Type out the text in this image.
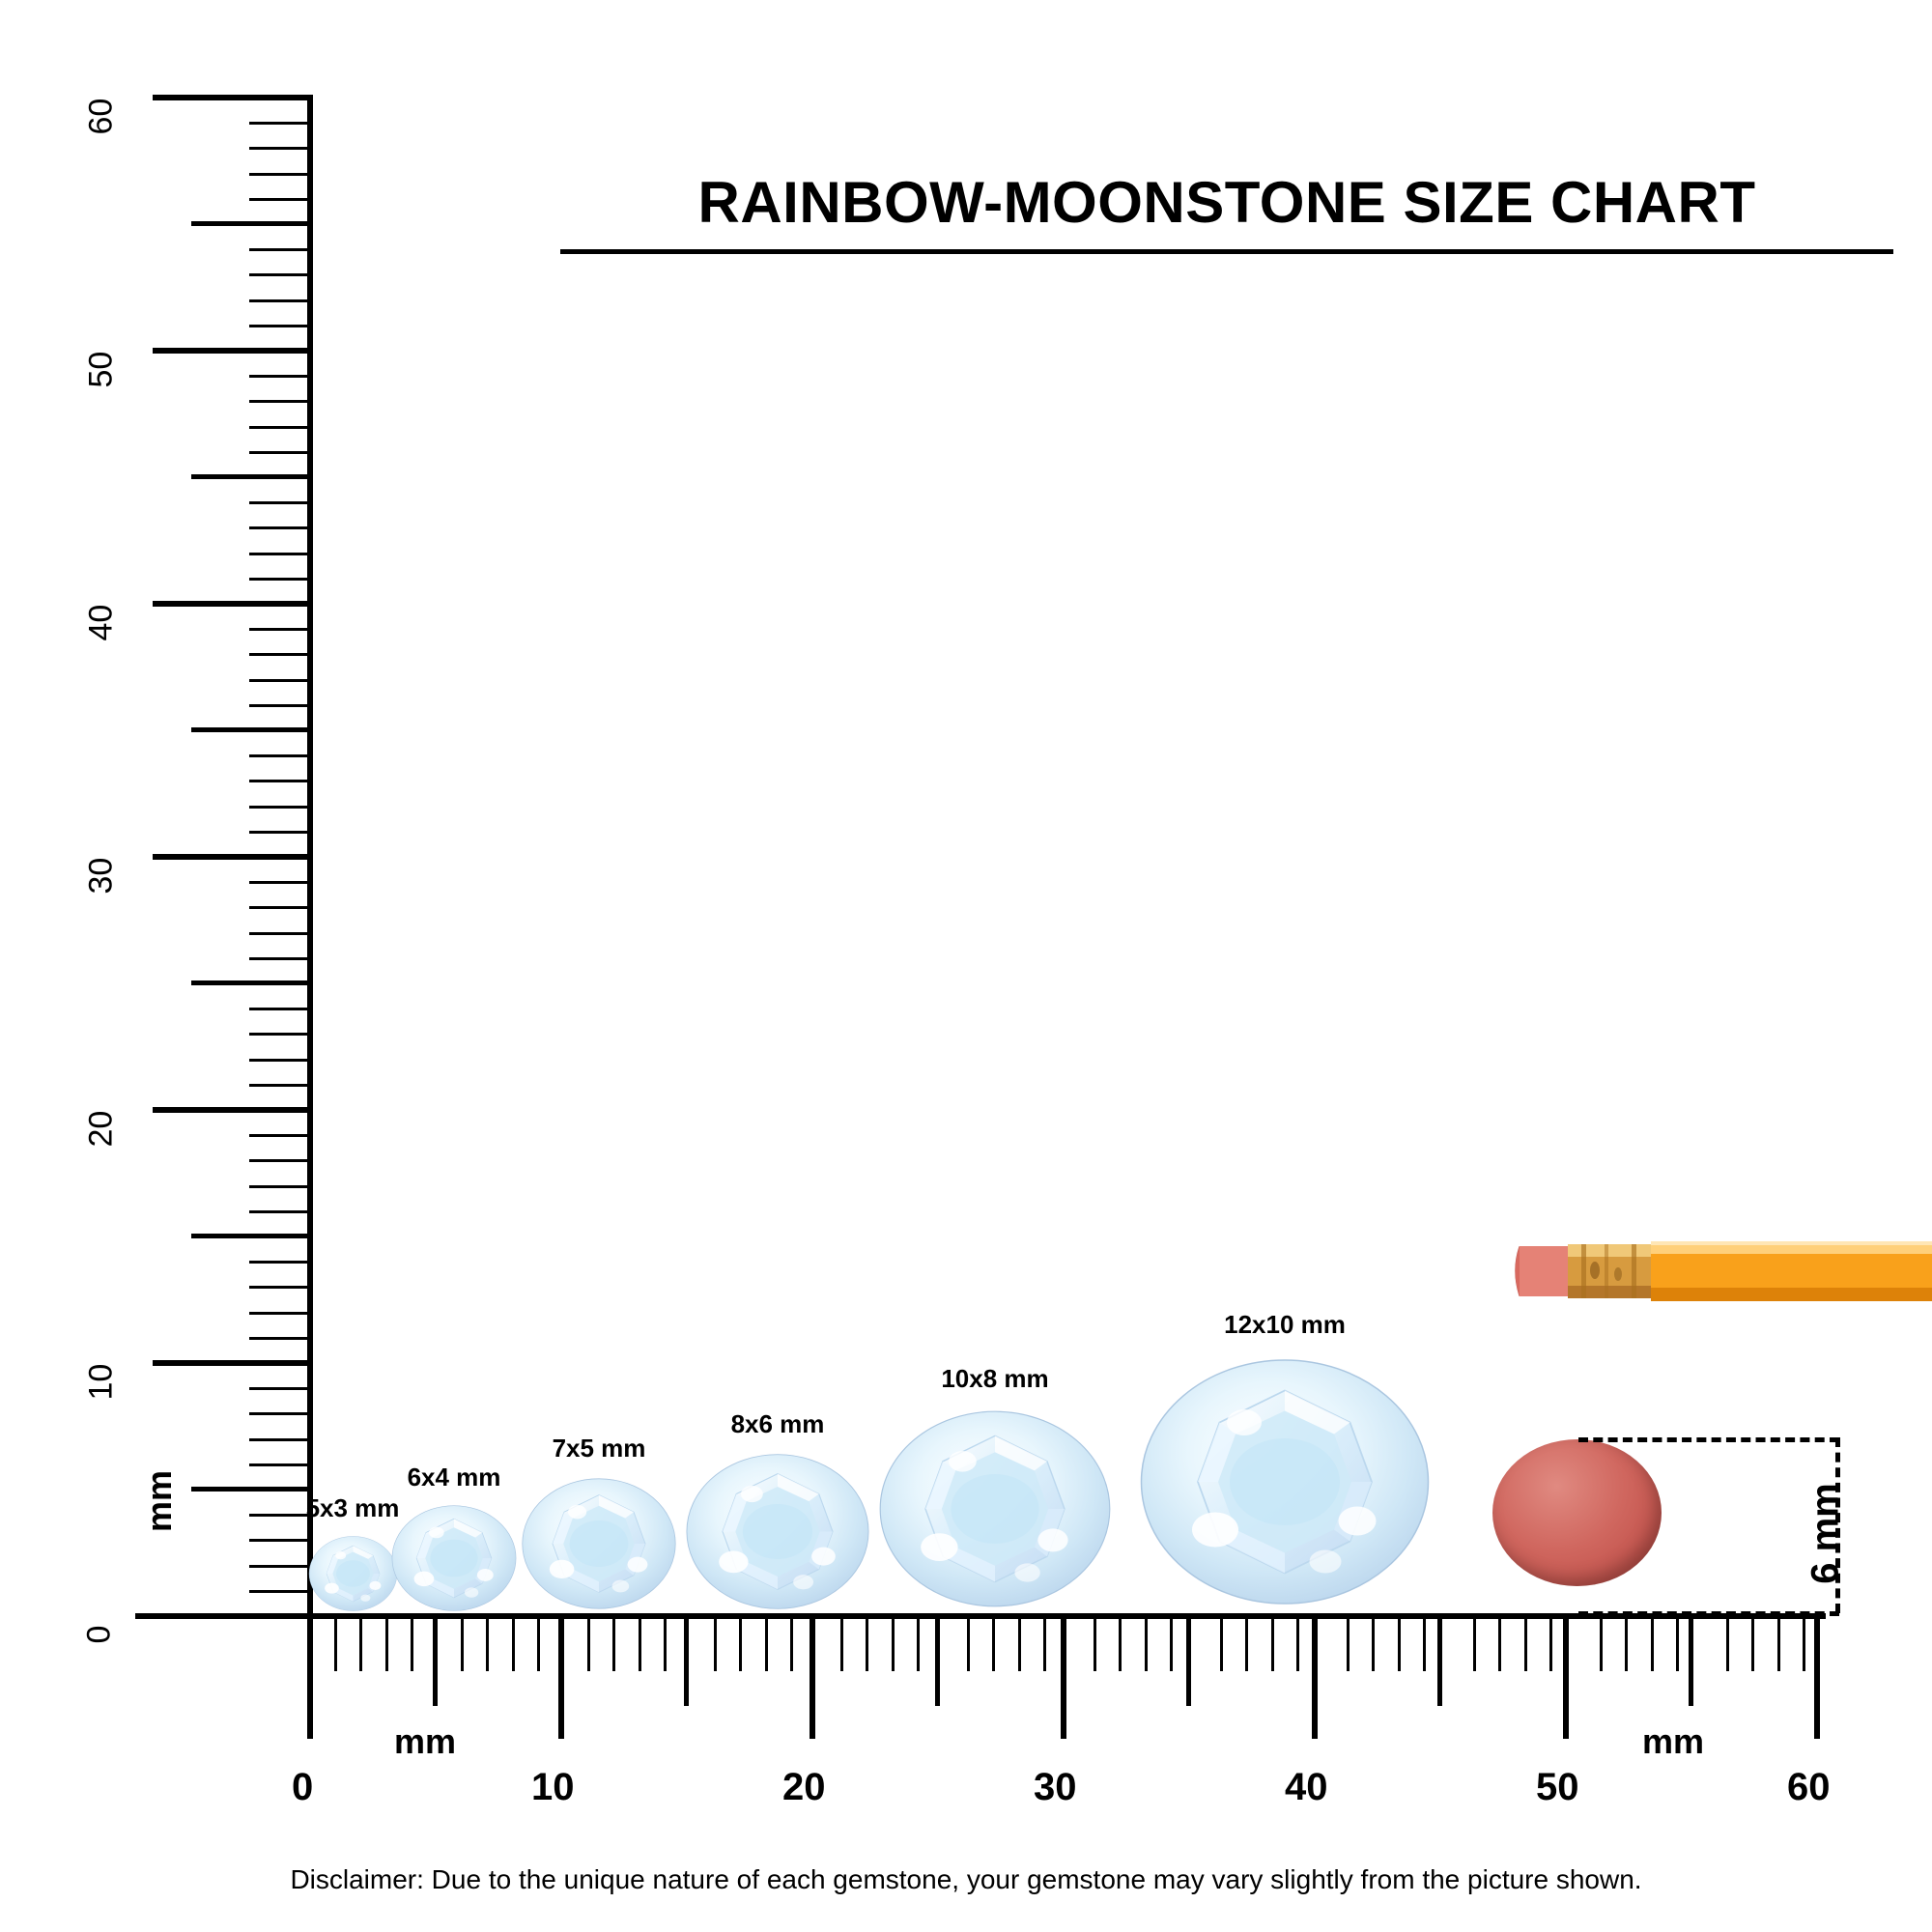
RAINBOW-MOONSTONE SIZE CHART
60
50
40
30
20
10
0
mm
0	10	20	30	40	50	60
mm	mm
5x3 mm
6x4 mm
7x5 mm
8x6 mm
10x8 mm
12x10 mm
6 mm
Disclaimer: Due to the unique nature of each gemstone, your gemstone may vary slightly from the picture shown.
